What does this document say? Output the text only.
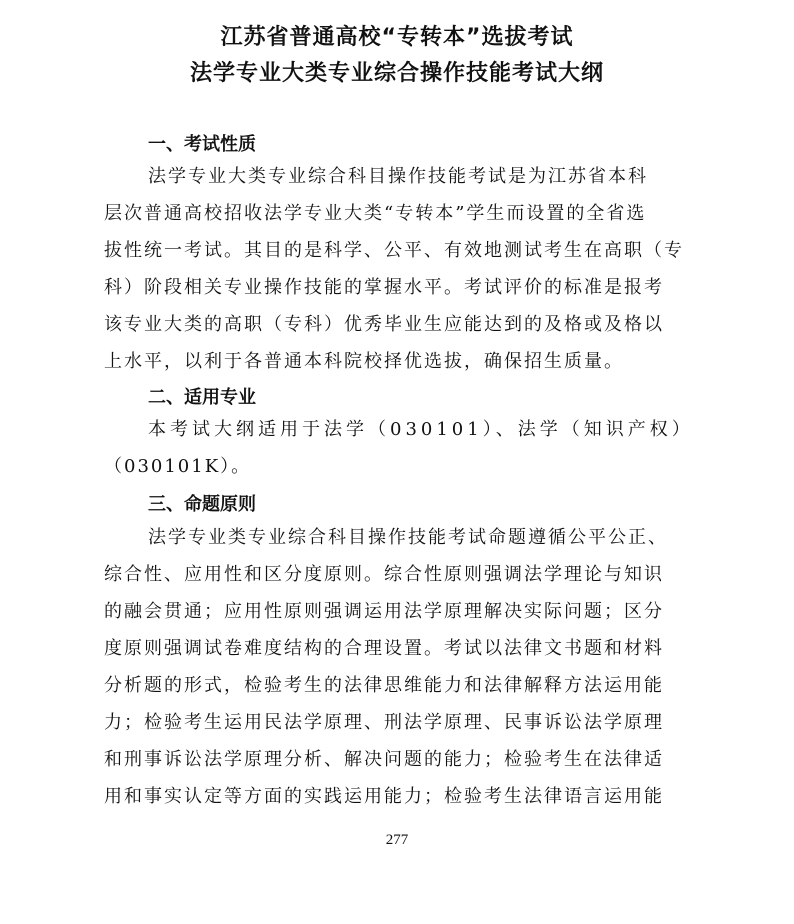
江苏省普通高校“专转本”选拔考试
法学专业大类专业综合操作技能考试大纲
一、考试性质
法学专业大类专业综合科目操作技能考试是为江苏省本科
层次普通高校招收法学专业大类“专转本”学生而设置的全省选
拔性统一考试。其目的是科学、公平、有效地测试考生在高职（专
科）阶段相关专业操作技能的掌握水平。考试评价的标准是报考
该专业大类的高职（专科）优秀毕业生应能达到的及格或及格以
上水平，以利于各普通本科院校择优选拔，确保招生质量。
二、适用专业
本考试大纲适用于法学（030101）、法学（知识产权）
（030101K）。
三、命题原则
法学专业类专业综合科目操作技能考试命题遵循公平公正、
综合性、应用性和区分度原则。综合性原则强调法学理论与知识
的融会贯通；应用性原则强调运用法学原理解决实际问题；区分
度原则强调试卷难度结构的合理设置。考试以法律文书题和材料
分析题的形式，检验考生的法律思维能力和法律解释方法运用能
力；检验考生运用民法学原理、刑法学原理、民事诉讼法学原理
和刑事诉讼法学原理分析、解决问题的能力；检验考生在法律适
用和事实认定等方面的实践运用能力；检验考生法律语言运用能
277
